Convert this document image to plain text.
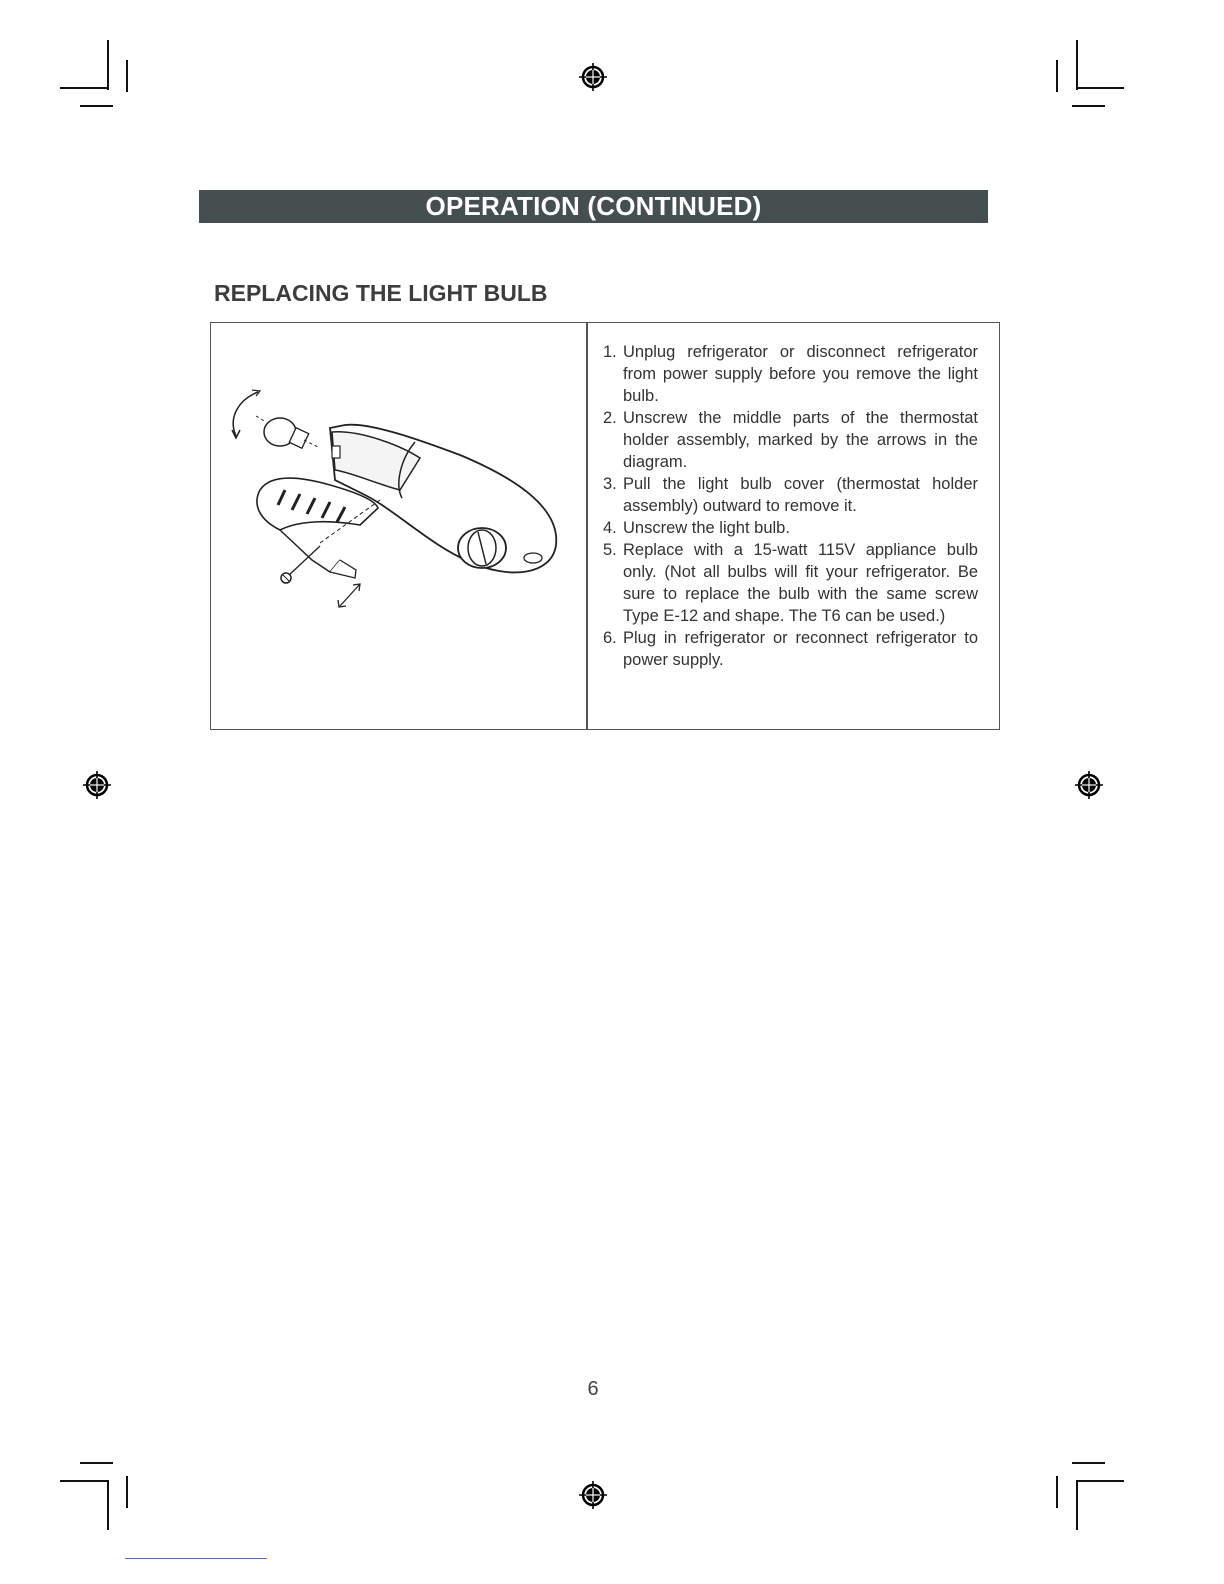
OPERATION (CONTINUED)
REPLACING THE LIGHT BULB
1. Unplug refrigerator or disconnect refrigerator from power supply before you remove the light bulb.
2. Unscrew the middle parts of the thermostat holder assembly, marked by the arrows in the diagram.
3. Pull the light bulb cover (thermostat holder assembly) outward to remove it.
4. Unscrew the light bulb.
5. Replace with a 15-watt 115V appliance bulb only. (Not all bulbs will fit your refrigerator. Be sure to replace the bulb with the same screw Type E-12 and shape. The T6 can be used.)
6. Plug in refrigerator or reconnect refrigerator to power supply.
6
